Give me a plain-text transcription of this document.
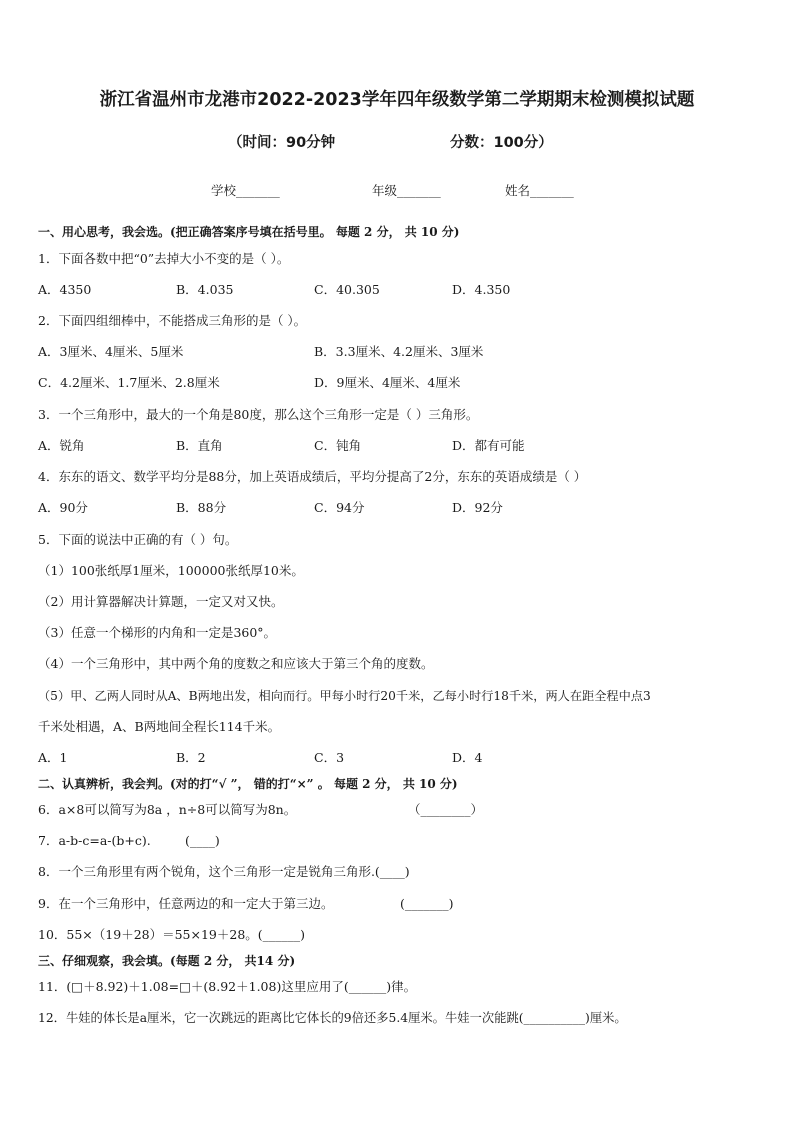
浙江省温州市龙港市2022-2023学年四年级数学第二学期期末检测模拟试题
（时间：90分钟	分数：100分）
学校_______	年级_______	姓名_______
一、用心思考，我会选。(把正确答案序号填在括号里。 每题 2 分， 共 10 分)
1．下面各数中把“0”去掉大小不变的是（ ）。
A．4350	B．4.035	C．40.305	D．4.350
2．下面四组细棒中，不能搭成三角形的是（ ）。
A．3厘米、4厘米、5厘米	B．3.3厘米、4.2厘米、3厘米
C．4.2厘米、1.7厘米、2.8厘米	D．9厘米、4厘米、4厘米
3．一个三角形中，最大的一个角是80度，那么这个三角形一定是（ ）三角形。
A．锐角	B．直角	C．钝角	D．都有可能
4．东东的语文、数学平均分是88分，加上英语成绩后，平均分提高了2分，东东的英语成绩是（ ）
A．90分	B．88分	C．94分	D．92分
5．下面的说法中正确的有（ ）句。
（1）100张纸厚1厘米，100000张纸厚10米。
（2）用计算器解决计算题，一定又对又快。
（3）任意一个梯形的内角和一定是360°。
（4）一个三角形中，其中两个角的度数之和应该大于第三个角的度数。
（5）甲、乙两人同时从A、B两地出发，相向而行。甲每小时行20千米，乙每小时行18千米，两人在距全程中点3
千米处相遇，A、B两地间全程长114千米。
A．1	B．2	C．3	D．4
二、认真辨析，我会判。(对的打“√ ”， 错的打“×” 。 每题 2 分， 共 10 分)
6．a×8可以简写为8a ，n÷8可以简写为8n。	（________）
7．a-b-c=a-(b+c).	(____)
8．一个三角形里有两个锐角，这个三角形一定是锐角三角形.(____)
9．在一个三角形中，任意两边的和一定大于第三边。	(_______)
10．55×（19＋28）＝55×19＋28。(______)
三、仔细观察，我会填。(每题 2 分， 共14 分)
11．(□＋8.92)＋1.08=□＋(8.92＋1.08)这里应用了(______)律。
12．牛娃的体长是a厘米，它一次跳远的距离比它体长的9倍还多5.4厘米。牛娃一次能跳(__________)厘米。
